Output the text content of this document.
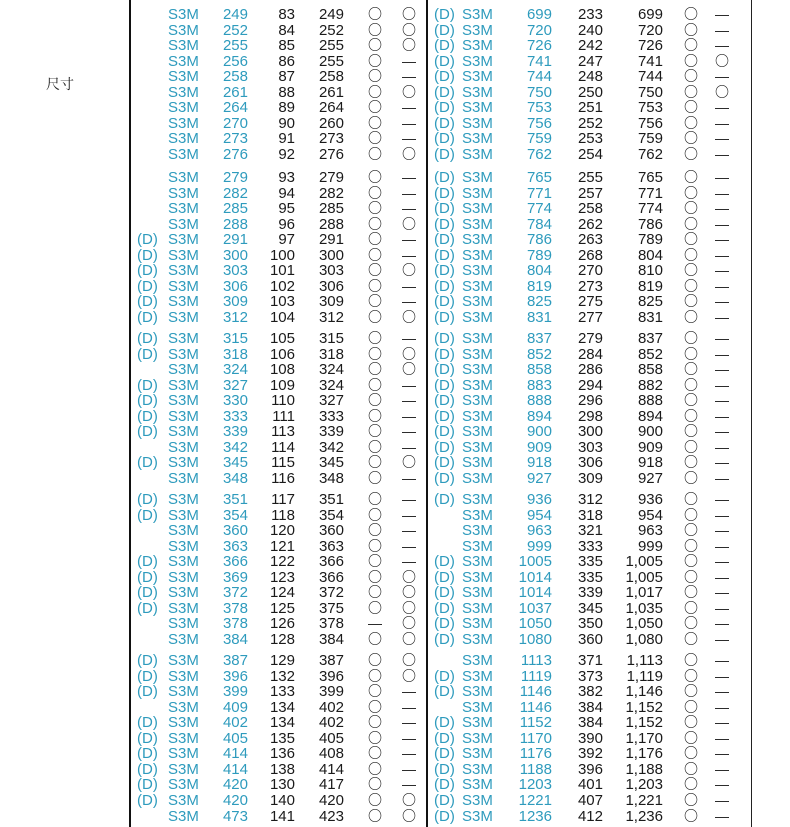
尺寸
S3M 249 83 249 〇 〇
S3M 252 84 252 〇 〇
S3M 255 85 255 〇 〇
S3M 256 86 255 〇 —
S3M 258 87 258 〇 —
S3M 261 88 261 〇 〇
S3M 264 89 264 〇 —
S3M 270 90 260 〇 —
S3M 273 91 273 〇 —
S3M 276 92 276 〇 〇
S3M 279 93 279 〇 —
S3M 282 94 282 〇 —
S3M 285 95 285 〇 —
S3M 288 96 288 〇 〇
(D) S3M 291 97 291 〇 —
(D) S3M 300 100 300 〇 —
(D) S3M 303 101 303 〇 〇
(D) S3M 306 102 306 〇 —
(D) S3M 309 103 309 〇 —
(D) S3M 312 104 312 〇 〇
(D) S3M 315 105 315 〇 —
(D) S3M 318 106 318 〇 〇
S3M 324 108 324 〇 〇
(D) S3M 327 109 324 〇 —
(D) S3M 330 110 327 〇 —
(D) S3M 333 111 333 〇 —
(D) S3M 339 113 339 〇 —
S3M 342 114 342 〇 —
(D) S3M 345 115 345 〇 〇
S3M 348 116 348 〇 —
(D) S3M 351 117 351 〇 —
(D) S3M 354 118 354 〇 —
S3M 360 120 360 〇 —
S3M 363 121 363 〇 —
(D) S3M 366 122 366 〇 —
(D) S3M 369 123 366 〇 〇
(D) S3M 372 124 372 〇 〇
(D) S3M 378 125 375 〇 〇
S3M 378 126 378 — 〇
S3M 384 128 384 〇 〇
(D) S3M 387 129 387 〇 〇
(D) S3M 396 132 396 〇 〇
(D) S3M 399 133 399 〇 —
S3M 409 134 402 〇 —
(D) S3M 402 134 402 〇 —
(D) S3M 405 135 405 〇 —
(D) S3M 414 136 408 〇 —
(D) S3M 414 138 414 〇 —
(D) S3M 420 130 417 〇 —
(D) S3M 420 140 420 〇 〇
S3M 473 141 423 〇 〇
(D) S3M 699 233 699 〇 —
(D) S3M 720 240 720 〇 —
(D) S3M 726 242 726 〇 —
(D) S3M 741 247 741 〇 〇
(D) S3M 744 248 744 〇 —
(D) S3M 750 250 750 〇 〇
(D) S3M 753 251 753 〇 —
(D) S3M 756 252 756 〇 —
(D) S3M 759 253 759 〇 —
(D) S3M 762 254 762 〇 —
(D) S3M 765 255 765 〇 —
(D) S3M 771 257 771 〇 —
(D) S3M 774 258 774 〇 —
(D) S3M 784 262 786 〇 —
(D) S3M 786 263 789 〇 —
(D) S3M 789 268 804 〇 —
(D) S3M 804 270 810 〇 —
(D) S3M 819 273 819 〇 —
(D) S3M 825 275 825 〇 —
(D) S3M 831 277 831 〇 —
(D) S3M 837 279 837 〇 —
(D) S3M 852 284 852 〇 —
(D) S3M 858 286 858 〇 —
(D) S3M 883 294 882 〇 —
(D) S3M 888 296 888 〇 —
(D) S3M 894 298 894 〇 —
(D) S3M 900 300 900 〇 —
(D) S3M 909 303 909 〇 —
(D) S3M 918 306 918 〇 —
(D) S3M 927 309 927 〇 —
(D) S3M 936 312 936 〇 —
S3M 954 318 954 〇 —
S3M 963 321 963 〇 —
S3M 999 333 999 〇 —
(D) S3M 1005 335 1,005 〇 —
(D) S3M 1014 335 1,005 〇 —
(D) S3M 1014 339 1,017 〇 —
(D) S3M 1037 345 1,035 〇 —
(D) S3M 1050 350 1,050 〇 —
(D) S3M 1080 360 1,080 〇 —
S3M 1113 371 1,113 〇 —
(D) S3M 1119 373 1,119 〇 —
(D) S3M 1146 382 1,146 〇 —
S3M 1146 384 1,152 〇 —
(D) S3M 1152 384 1,152 〇 —
(D) S3M 1170 390 1,170 〇 —
(D) S3M 1176 392 1,176 〇 —
(D) S3M 1188 396 1,188 〇 —
(D) S3M 1203 401 1,203 〇 —
(D) S3M 1221 407 1,221 〇 —
(D) S3M 1236 412 1,236 〇 —
